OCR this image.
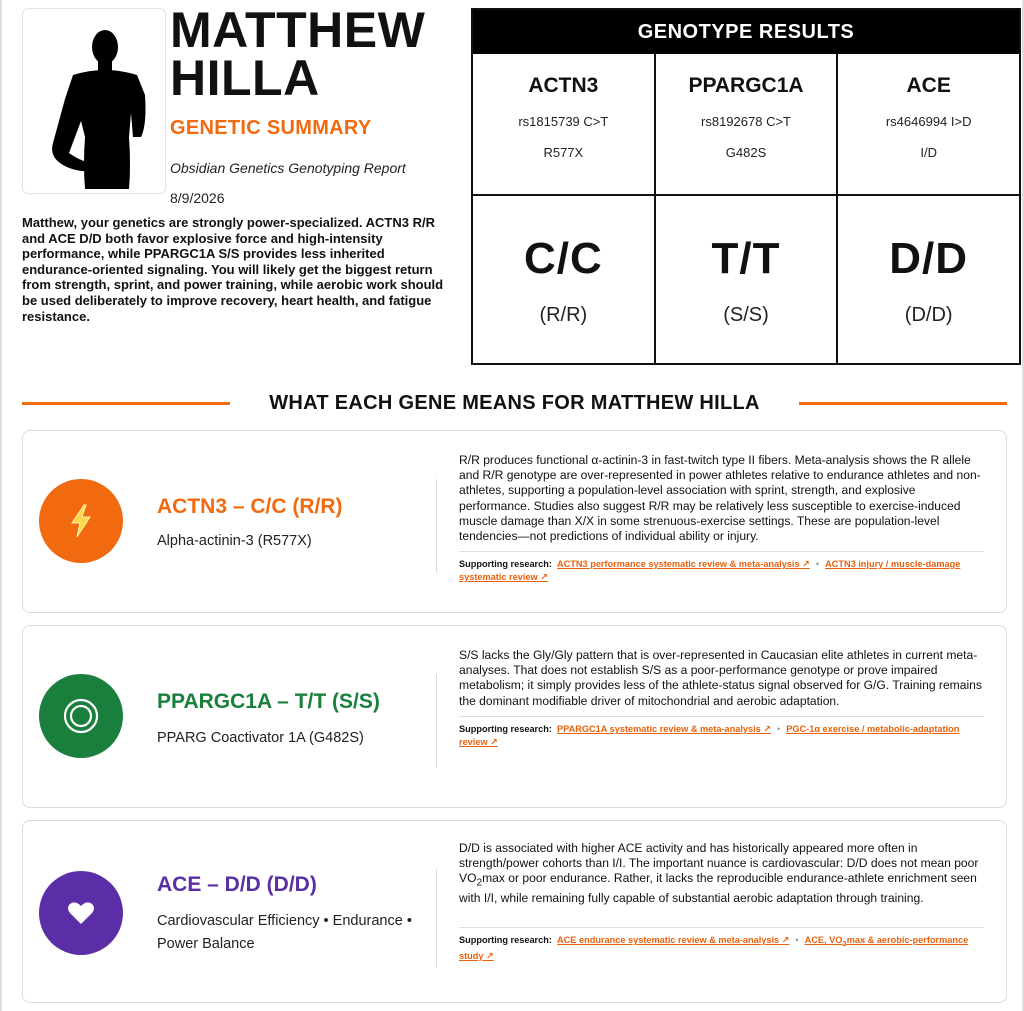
MATTHEW
HILLA
GENETIC SUMMARY
Obsidian Genetics Genotyping Report
8/9/2026
Matthew, your genetics are strongly power-specialized. ACTN3 R/R and ACE D/D both favor explosive force and high-intensity performance, while PPARGC1A S/S provides less inherited endurance-oriented signaling. You will likely get the biggest return from strength, sprint, and power training, while aerobic work should be used deliberately to improve recovery, heart health, and fatigue resistance.
GENOTYPE RESULTS
ACTN3
rs1815739 C>T
R577X
PPARGC1A
rs8192678 C>T
G482S
ACE
rs4646994 I>D
I/D
C/C
(R/R)
T/T
(S/S)
D/D
(D/D)
WHAT EACH GENE MEANS FOR MATTHEW HILLA
ACTN3 – C/C (R/R)
Alpha-actinin-3 (R577X)
R/R produces functional α-actinin-3 in fast-twitch type II fibers. Meta-analysis shows the R allele and R/R genotype are over-represented in power athletes relative to endurance athletes and non-athletes, supporting a population-level association with sprint, strength, and explosive performance. Studies also suggest R/R may be relatively less susceptible to exercise-induced muscle damage than X/X in some strenuous-exercise settings. These are population-level tendencies—not predictions of individual ability or injury.
Supporting research: ACTN3 performance systematic review & meta-analysis ↗ • ACTN3 injury / muscle-damage systematic review ↗
PPARGC1A – T/T (S/S)
PPARG Coactivator 1A (G482S)
S/S lacks the Gly/Gly pattern that is over-represented in Caucasian elite athletes in current meta-analyses. That does not establish S/S as a poor-performance genotype or prove impaired metabolism; it simply provides less of the athlete-status signal observed for G/G. Training remains the dominant modifiable driver of mitochondrial and aerobic adaptation.
Supporting research: PPARGC1A systematic review & meta-analysis ↗ • PGC-1α exercise / metabolic-adaptation review ↗
ACE – D/D (D/D)
Cardiovascular Efficiency • Endurance • Power Balance
D/D is associated with higher ACE activity and has historically appeared more often in strength/power cohorts than I/I. The important nuance is cardiovascular: D/D does not mean poor $VO_2\max$ or poor endurance. Rather, it lacks the reproducible endurance-athlete enrichment seen with I/I, while remaining fully capable of substantial aerobic adaptation through training.
Supporting research: ACE endurance systematic review & meta-analysis ↗ • ACE, $VO_2\max$ & aerobic-performance study ↗
